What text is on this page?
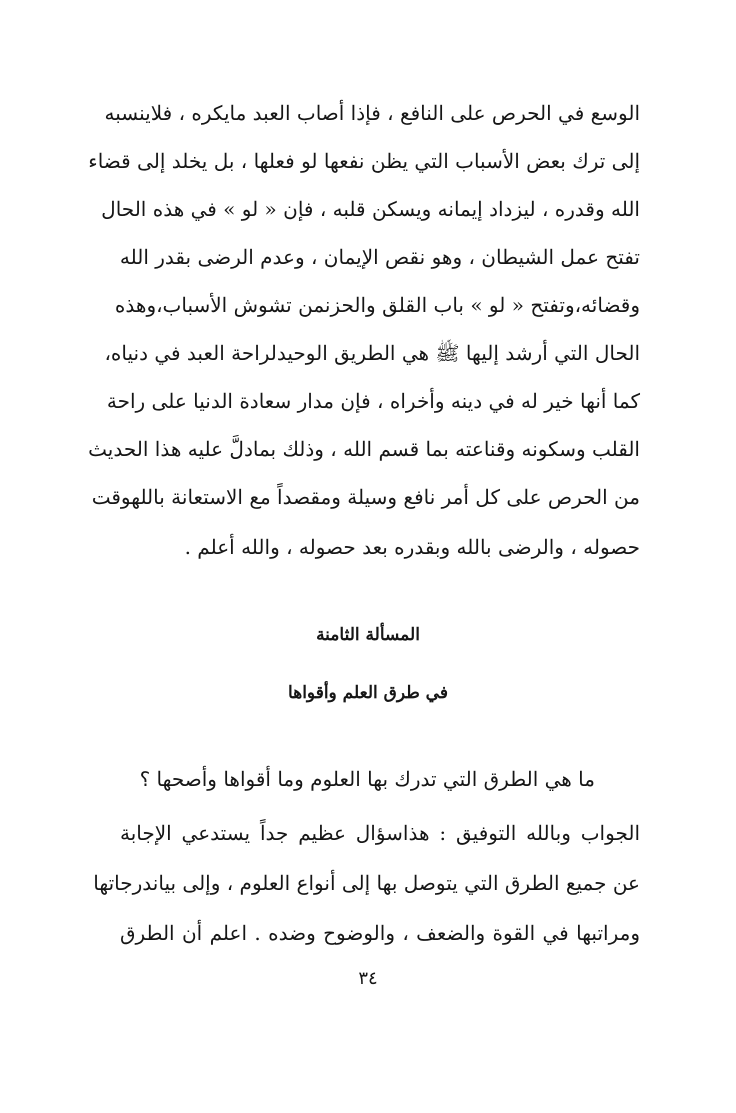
الوسع في الحرص على النافع ، فإذا أصاب العبد مايكره ، فلاينسبه
إلى ترك بعض الأسباب التي يظن نفعها لو فعلها ، بل يخلد إلى قضاء
الله وقدره ، ليزداد إيمانه ويسكن قلبه ، فإن « لو » في هذه الحال
تفتح عمل الشيطان ، وهو نقص الإيمان ، وعدم الرضى بقدر الله
وقضائه،وتفتح « لو » باب القلق والحزنمن تشوش الأسباب،وهذه
الحال التي أرشد إليها ﷺ هي الطريق الوحيدلراحة العبد في دنياه،
كما أنها خير له في دينه وأخراه ، فإن مدار سعادة الدنيا على راحة
القلب وسكونه وقناعته بما قسم الله ، وذلك بمادلَّ عليه هذا الحديث
من الحرص على كل أمر نافع وسيلة ومقصداً مع الاستعانة باللهوقت
حصوله ، والرضى بالله وبقدره بعد حصوله ، والله أعلم .
المسألة الثامنة
في طرق العلم وأقواها
ما هي الطرق التي تدرك بها العلوم وما أقواها وأصحها ؟
الجواب وبالله التوفيق : هذاسؤال عظيم جداً يستدعي الإجابة
عن جميع الطرق التي يتوصل بها إلى أنواع العلوم ، وإلى بياندرجاتها
ومراتبها في القوة والضعف ، والوضوح وضده . اعلم أن الطرق
٣٤
